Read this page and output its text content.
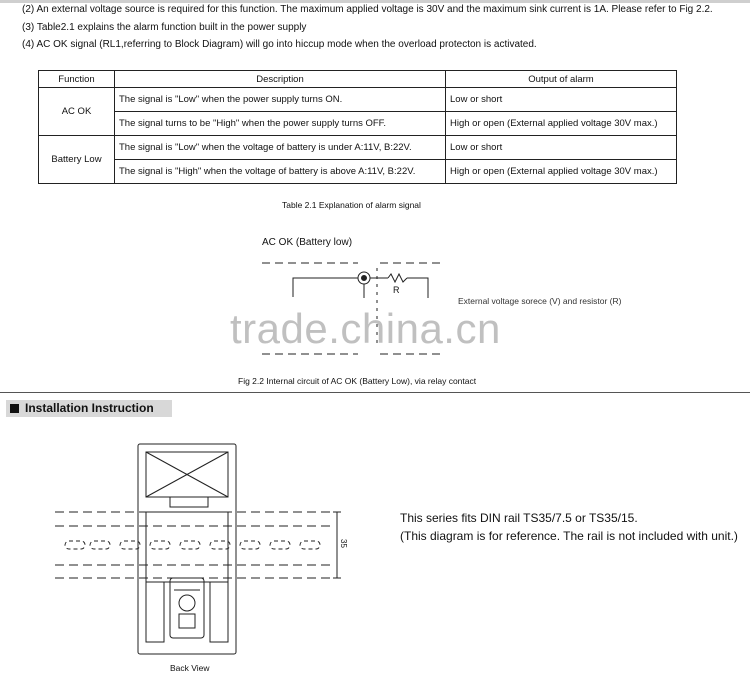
(2) An external voltage source is required for this function. The maximum applied voltage is 30V and the maximum sink current is 1A. Please refer to Fig 2.2.
(3) Table2.1 explains the alarm function built in the power supply
(4) AC OK signal (RL1,referring to Block Diagram) will go into hiccup mode when the overload protecton is activated.
Function	Description	Output of alarm
AC OK	The signal is "Low" when the power supply turns ON.	Low or short
	The signal turns to be "High" when the power supply turns OFF.	High or open (External applied voltage 30V max.)
Battery Low	The signal is "Low" when the voltage of battery is under A:11V, B:22V.	Low or short
	The signal is "High" when the voltage of battery is above A:11V, B:22V.	High or open (External applied voltage 30V max.)
Table 2.1 Explanation of alarm signal
AC OK (Battery low)
R
External voltage sorece (V) and resistor (R)
trade.china.cn
Fig 2.2 Internal circuit of AC OK (Battery Low), via relay contact
Installation Instruction
35
Back View
This series fits DIN rail TS35/7.5 or TS35/15.
(This diagram is for reference. The rail is not included with unit.)
